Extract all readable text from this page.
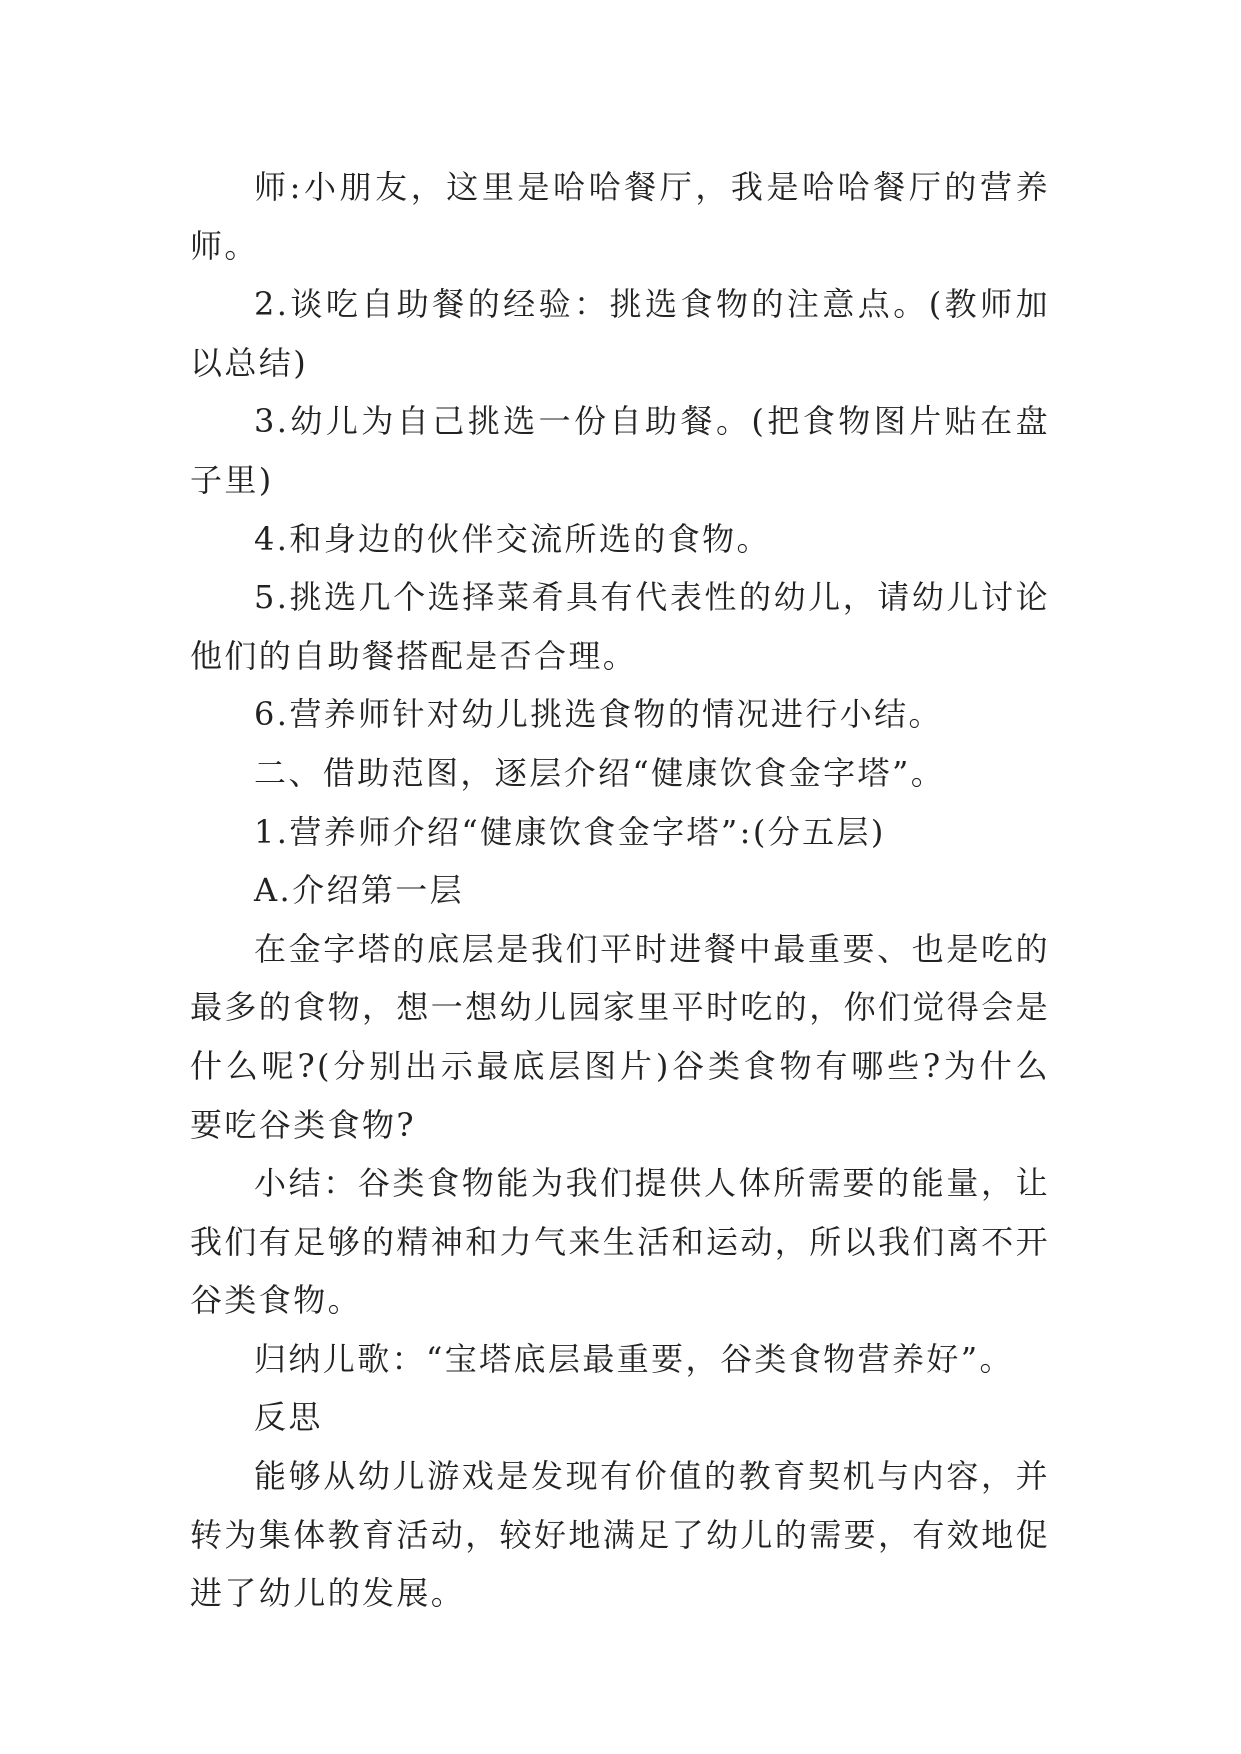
师:小朋友，这里是哈哈餐厅，我是哈哈餐厅的营养师。

2.谈吃自助餐的经验：挑选食物的注意点。(教师加以总结)

3.幼儿为自己挑选一份自助餐。(把食物图片贴在盘子里)

4.和身边的伙伴交流所选的食物。

5.挑选几个选择菜肴具有代表性的幼儿，请幼儿讨论他们的自助餐搭配是否合理。

6.营养师针对幼儿挑选食物的情况进行小结。

二、借助范图，逐层介绍“健康饮食金字塔”。

1.营养师介绍“健康饮食金字塔”:(分五层)

A.介绍第一层

在金字塔的底层是我们平时进餐中最重要、也是吃的最多的食物，想一想幼儿园家里平时吃的，你们觉得会是什么呢?(分别出示最底层图片)谷类食物有哪些?为什么要吃谷类食物?

小结：谷类食物能为我们提供人体所需要的能量，让我们有足够的精神和力气来生活和运动，所以我们离不开谷类食物。

归纳儿歌：“宝塔底层最重要，谷类食物营养好”。

反思

能够从幼儿游戏是发现有价值的教育契机与内容，并转为集体教育活动，较好地满足了幼儿的需要，有效地促进了幼儿的发展。
